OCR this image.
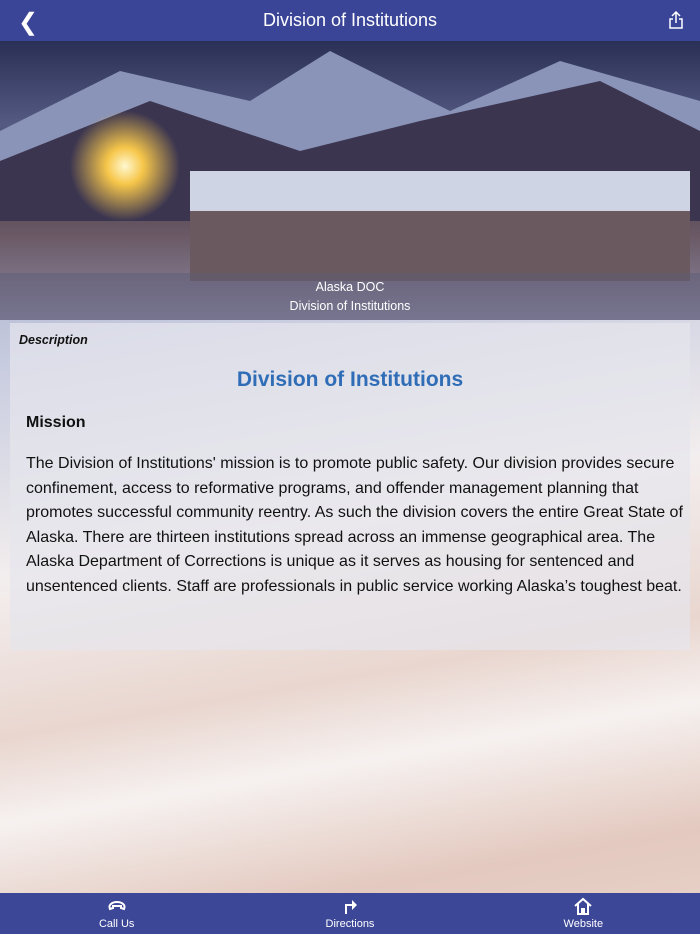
❮	Division of Institutions
Alaska DOC
Division of Institutions
Description
Division of Institutions
Mission
The Division of Institutions' mission is to promote public safety. Our division provides secure confinement, access to reformative programs, and offender management planning that promotes successful community reentry. As such the division covers the entire Great State of Alaska. There are thirteen institutions spread across an immense geographical area. The Alaska Department of Corrections is unique as it serves as housing for sentenced and unsentenced clients. Staff are professionals in public service working Alaska’s toughest beat.
Call Us	Directions	Website
